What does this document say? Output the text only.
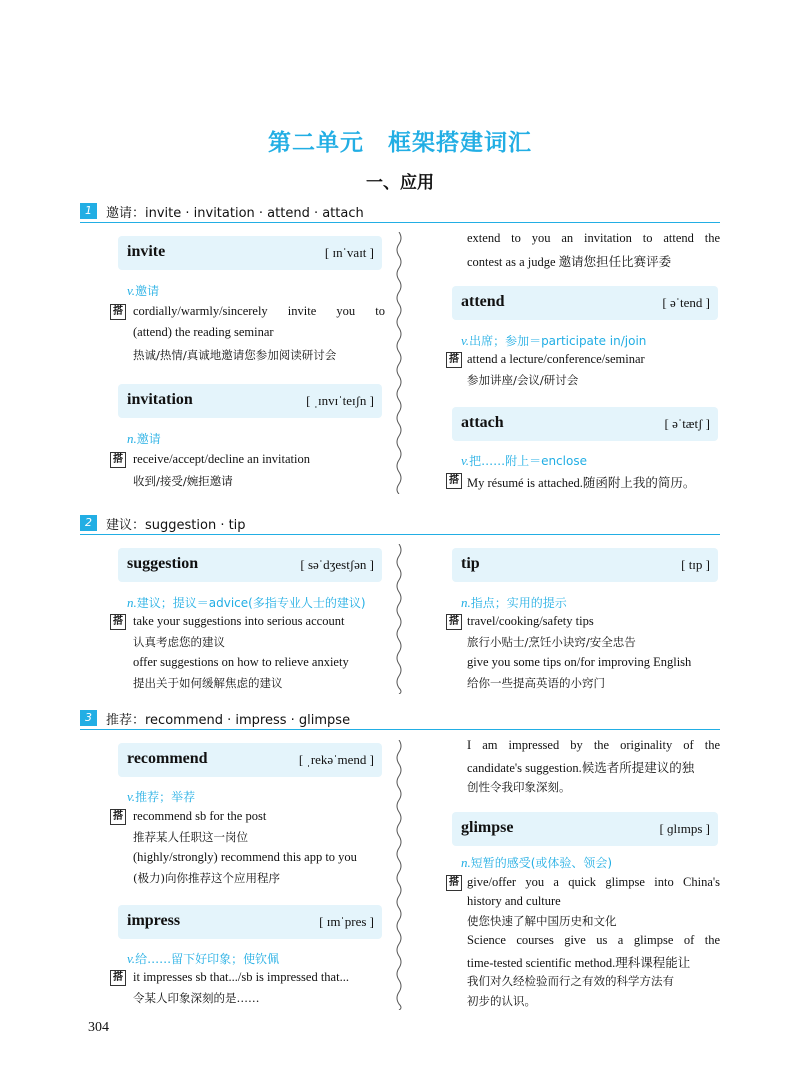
第二单元　框架搭建词汇
一、应用
1	邀请：invite · invitation · attend · attach
invite	[ ɪnˈvaɪt ]
v.邀请
搭 cordially/warmly/sincerely invite you to
(attend) the reading seminar
热诚/热情/真诚地邀请您参加阅读研讨会
invitation	[ ˌɪnvɪˈteɪʃn ]
n.邀请
搭 receive/accept/decline an invitation
收到/接受/婉拒邀请
extend to you an invitation to attend the
contest as a judge 邀请您担任比赛评委
attend	[ əˈtend ]
v.出席；参加＝participate in/join
搭 attend a lecture/conference/seminar
参加讲座/会议/研讨会
attach	[ əˈtætʃ ]
v.把……附上＝enclose
搭 My résumé is attached.随函附上我的简历。
2	建议：suggestion · tip
suggestion	[ səˈdʒestʃən ]
n.建议；提议＝advice(多指专业人士的建议)
搭 take your suggestions into serious account
认真考虑您的建议
offer suggestions on how to relieve anxiety
提出关于如何缓解焦虑的建议
tip	[ tɪp ]
n.指点；实用的提示
搭 travel/cooking/safety tips
旅行小贴士/烹饪小诀窍/安全忠告
give you some tips on/for improving English
给你一些提高英语的小窍门
3	推荐：recommend · impress · glimpse
recommend	[ ˌrekəˈmend ]
v.推荐；举荐
搭 recommend sb for the post
推荐某人任职这一岗位
(highly/strongly) recommend this app to you
(极力)向你推荐这个应用程序
impress	[ ɪmˈpres ]
v.给……留下好印象；使钦佩
搭 it impresses sb that.../sb is impressed that...
令某人印象深刻的是……
I am impressed by the originality of the
candidate's suggestion.候选者所提建议的独
创性令我印象深刻。
glimpse	[ ɡlɪmps ]
n.短暂的感受(或体验、领会)
搭 give/offer you a quick glimpse into China's
history and culture
使您快速了解中国历史和文化
Science courses give us a glimpse of the
time-tested scientific method.理科课程能让
我们对久经检验而行之有效的科学方法有
初步的认识。
304
